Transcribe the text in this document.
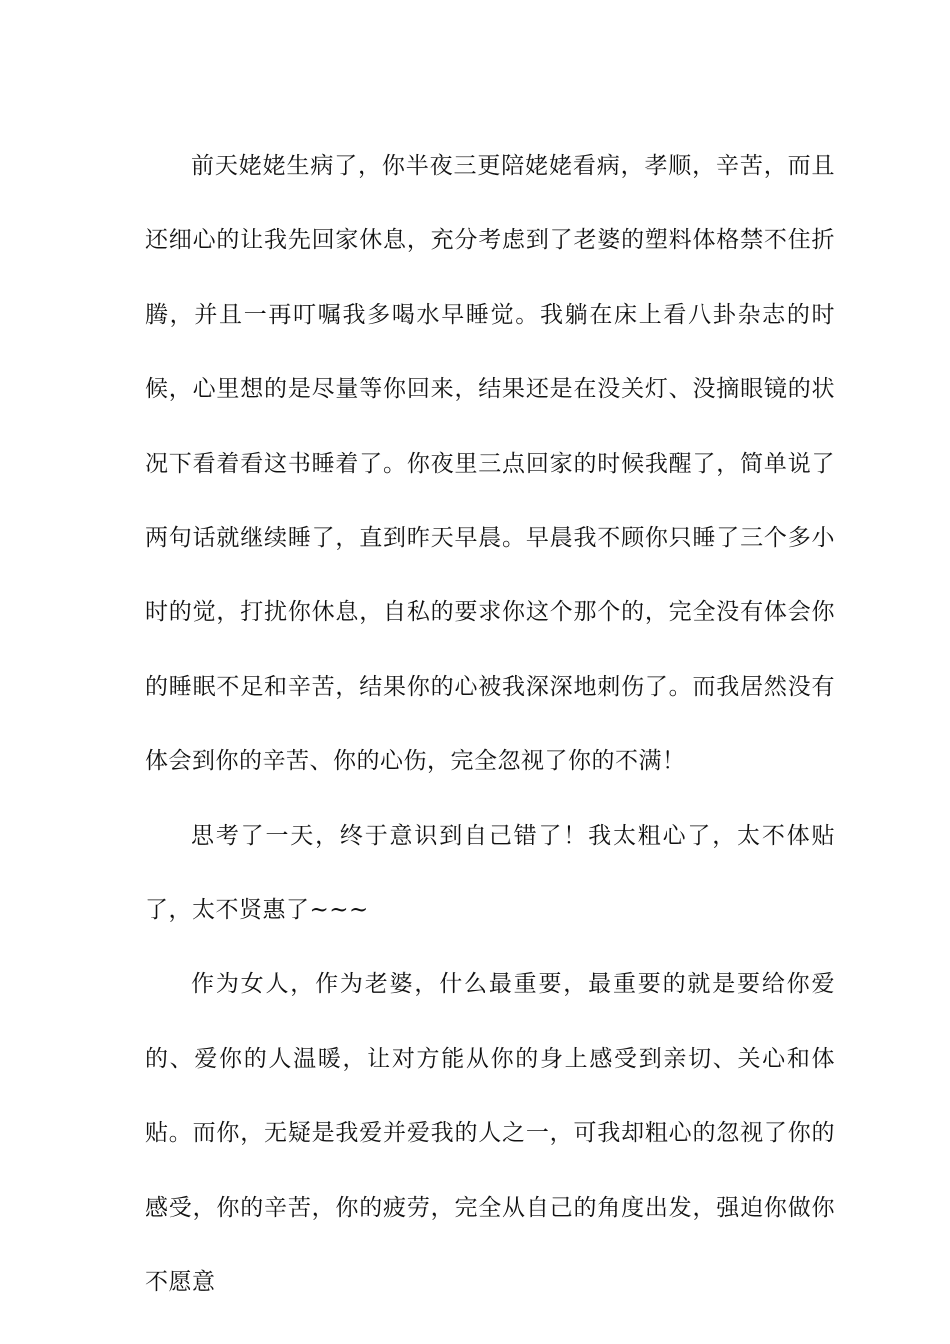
前天姥姥生病了，你半夜三更陪姥姥看病，孝顺，辛苦，而且还细心的让我先回家休息，充分考虑到了老婆的塑料体格禁不住折腾，并且一再叮嘱我多喝水早睡觉。我躺在床上看八卦杂志的时候，心里想的是尽量等你回来，结果还是在没关灯、没摘眼镜的状况下看着看这书睡着了。你夜里三点回家的时候我醒了，简单说了两句话就继续睡了，直到昨天早晨。早晨我不顾你只睡了三个多小时的觉，打扰你休息，自私的要求你这个那个的，完全没有体会你的睡眠不足和辛苦，结果你的心被我深深地刺伤了。而我居然没有体会到你的辛苦、你的心伤，完全忽视了你的不满！

思考了一天，终于意识到自己错了！我太粗心了，太不体贴了，太不贤惠了~~~

作为女人，作为老婆，什么最重要，最重要的就是要给你爱的、爱你的人温暖，让对方能从你的身上感受到亲切、关心和体贴。而你，无疑是我爱并爱我的人之一，可我却粗心的忽视了你的感受，你的辛苦，你的疲劳，完全从自己的角度出发，强迫你做你不愿意
